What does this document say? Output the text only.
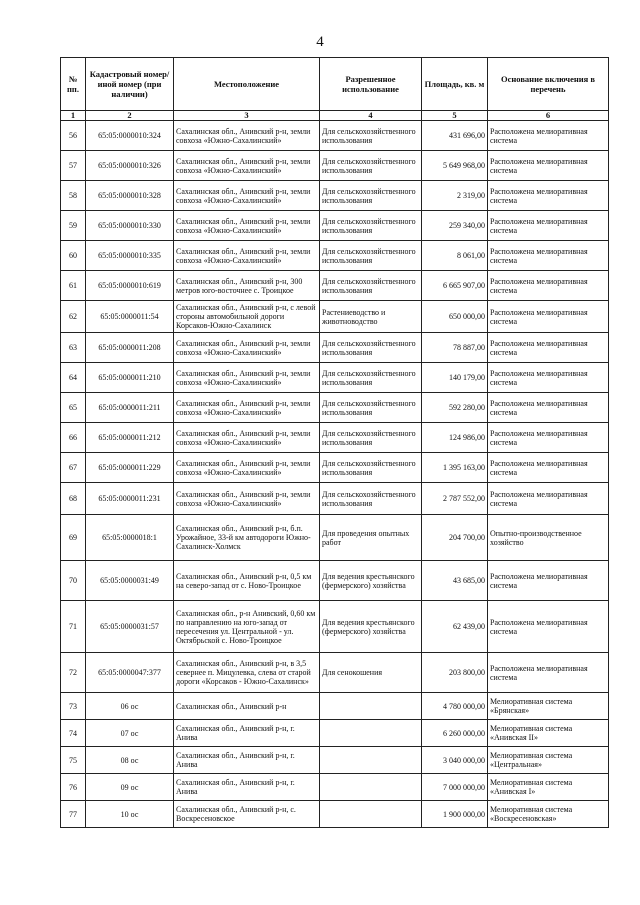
4
№ пп.	Кадастровый номер/иной номер (при наличии)	Местоположение	Разрешенное использование	Площадь, кв. м	Основание включения в перечень
1	2	3	4	5	6
56	65:05:0000010:324	Сахалинская обл., Анивский р-н, земли совхоза «Южно-Сахалинский»	Для сельскохозяйственного использования	431 696,00	Расположена мелиоративная система
57	65:05:0000010:326	Сахалинская обл., Анивский р-н, земли совхоза «Южно-Сахалинский»	Для сельскохозяйственного использования	5 649 968,00	Расположена мелиоративная система
58	65:05:0000010:328	Сахалинская обл., Анивский р-н, земли совхоза «Южно-Сахалинский»	Для сельскохозяйственного использования	2 319,00	Расположена мелиоративная система
59	65:05:0000010:330	Сахалинская обл., Анивский р-н, земли совхоза «Южно-Сахалинский»	Для сельскохозяйственного использования	259 340,00	Расположена мелиоративная система
60	65:05:0000010:335	Сахалинская обл., Анивский р-н, земли совхоза «Южно-Сахалинский»	Для сельскохозяйственного использования	8 061,00	Расположена мелиоративная система
61	65:05:0000010:619	Сахалинская обл., Анивский р-н, 300 метров юго-восточнее с. Троицкое	Для сельскохозяйственного использования	6 665 907,00	Расположена мелиоративная система
62	65:05:0000011:54	Сахалинская обл., Анивский р-н, с левой стороны автомобильной дороги Корсаков-Южно-Сахалинск	Растениеводство и животноводство	650 000,00	Расположена мелиоративная система
63	65:05:0000011:208	Сахалинская обл., Анивский р-н, земли совхоза «Южно-Сахалинский»	Для сельскохозяйственного использования	78 887,00	Расположена мелиоративная система
64	65:05:0000011:210	Сахалинская обл., Анивский р-н, земли совхоза «Южно-Сахалинский»	Для сельскохозяйственного использования	140 179,00	Расположена мелиоративная система
65	65:05:0000011:211	Сахалинская обл., Анивский р-н, земли совхоза «Южно-Сахалинский»	Для сельскохозяйственного использования	592 280,00	Расположена мелиоративная система
66	65:05:0000011:212	Сахалинская обл., Анивский р-н, земли совхоза «Южно-Сахалинский»	Для сельскохозяйственного использования	124 986,00	Расположена мелиоративная система
67	65:05:0000011:229	Сахалинская обл., Анивский р-н, земли совхоза «Южно-Сахалинский»	Для сельскохозяйственного использования	1 395 163,00	Расположена мелиоративная система
68	65:05:0000011:231	Сахалинская обл., Анивский р-н, земли совхоза «Южно-Сахалинский»	Для сельскохозяйственного использования	2 787 552,00	Расположена мелиоративная система
69	65:05:0000018:1	Сахалинская обл., Анивский р-н, б.п. Урожайное, 33-й км автодороги Южно-Сахалинск-Холмск	Для проведения опытных работ	204 700,00	Опытно-производственное хозяйство
70	65:05:0000031:49	Сахалинская обл., Анивский р-н, 0,5 км на северо-запад от с. Ново-Троицкое	Для ведения крестьянского (фермерского) хозяйства	43 685,00	Расположена мелиоративная система
71	65:05:0000031:57	Сахалинская обл., р-н Анивский, 0,60 км по направлению на юго-запад от пересечения ул. Центральной - ул. Октябрьской с. Ново-Троицкое	Для ведения крестьянского (фермерского) хозяйства	62 439,00	Расположена мелиоративная система
72	65:05:0000047:377	Сахалинская обл., Анивский р-н, в 3,5 севернее п. Мицулевка, слева от старой дороги «Корсаков - Южно-Сахалинск»	Для сенокошения	203 800,00	Расположена мелиоративная система
73	06 ос	Сахалинская обл., Анивский р-н		4 780 000,00	Мелиоративная система «Брянская»
74	07 ос	Сахалинская обл., Анивский р-н, г. Анива		6 260 000,00	Мелиоративная система «Анивская II»
75	08 ос	Сахалинская обл., Анивский р-н, г. Анива		3 040 000,00	Мелиоративная система «Центральная»
76	09 ос	Сахалинская обл., Анивский р-н, г. Анива		7 000 000,00	Мелиоративная система «Анивская I»
77	10 ос	Сахалинская обл., Анивский р-н, с. Воскресеновское		1 900 000,00	Мелиоративная система «Воскресеновская»
